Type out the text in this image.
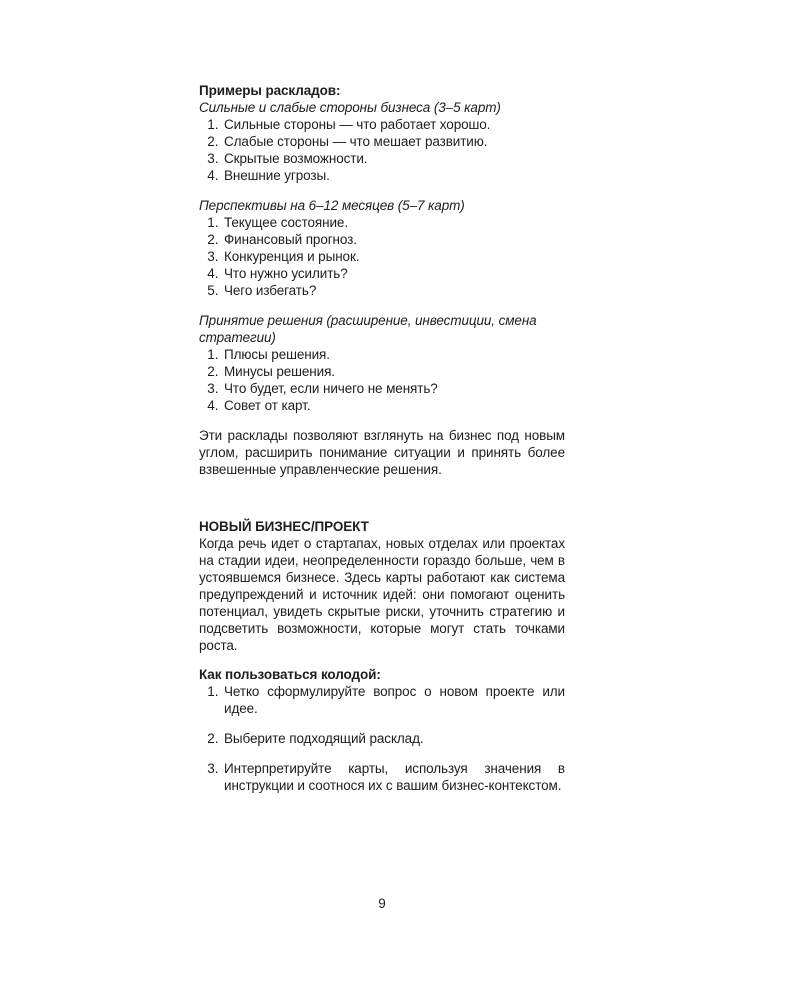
Примеры раскладов:

Сильные и слабые стороны бизнеса (3–5 карт)

1. Сильные стороны — что работает хорошо.
2. Слабые стороны — что мешает развитию.
3. Скрытые возможности.
4. Внешние угрозы.

Перспективы на 6–12 месяцев (5–7 карт)

1. Текущее состояние.
2. Финансовый прогноз.
3. Конкуренция и рынок.
4. Что нужно усилить?
5. Чего избегать?

Принятие решения (расширение, инвестиции, смена стратегии)

1. Плюсы решения.
2. Минусы решения.
3. Что будет, если ничего не менять?
4. Совет от карт.

Эти расклады позволяют взглянуть на бизнес под новым углом, расширить понимание ситуации и принять более взвешенные управленческие решения.

НОВЫЙ БИЗНЕС/ПРОЕКТ

Когда речь идет о стартапах, новых отделах или проектах на стадии идеи, неопределенности гораздо больше, чем в устоявшемся бизнесе. Здесь карты работают как система предупреждений и источник идей: они помогают оценить потенциал, увидеть скрытые риски, уточнить стратегию и подсветить возможности, которые могут стать точками роста.

Как пользоваться колодой:

1. Четко сформулируйте вопрос о новом проекте или идее.
2. Выберите подходящий расклад.
3. Интерпретируйте карты, используя значения в инструкции и соотнося их с вашим бизнес-контекстом.
9
